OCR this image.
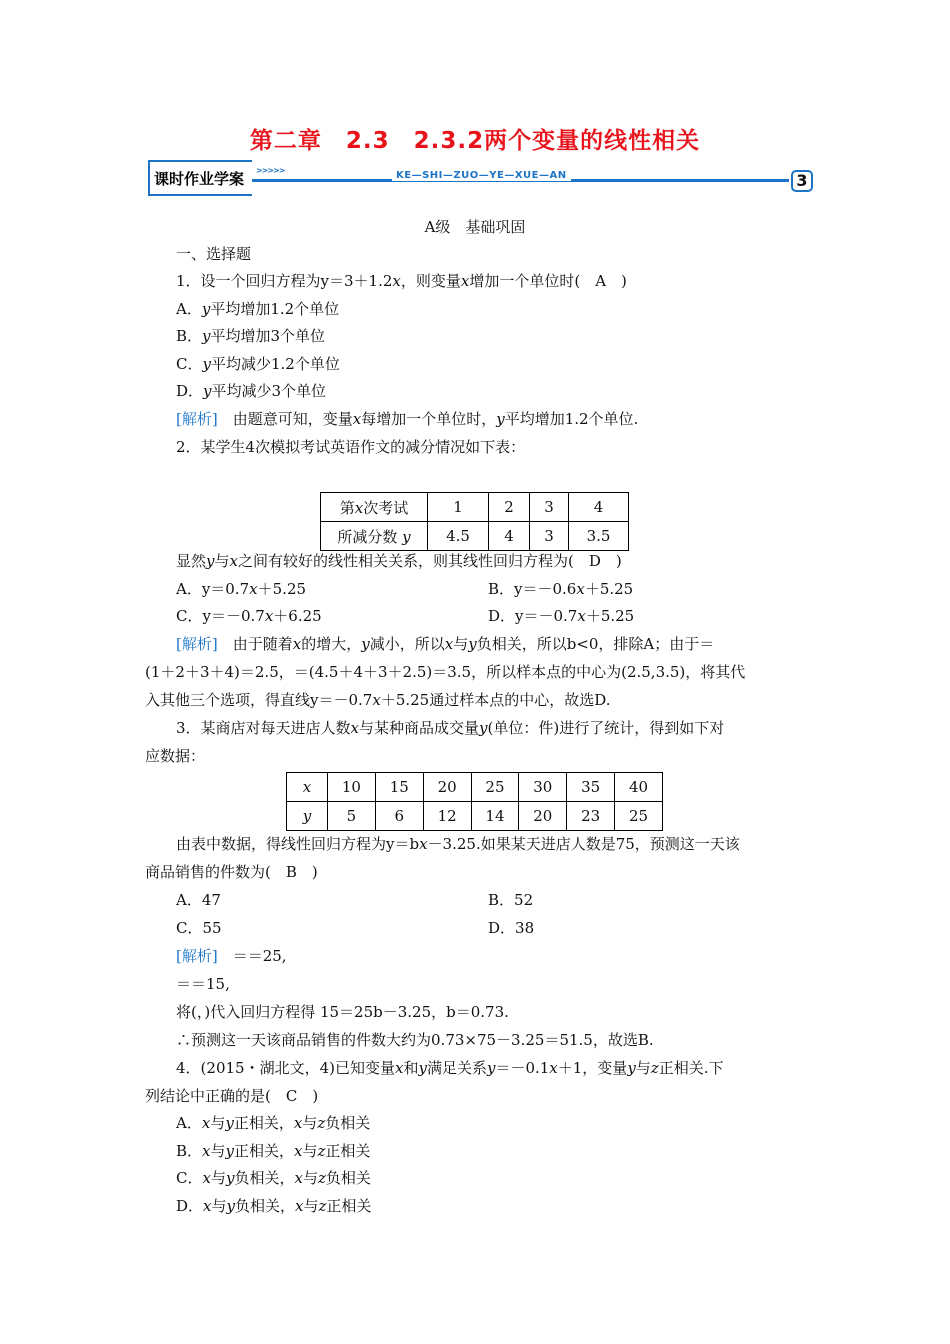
第二章　2.3　2.3.2两个变量的线性相关
课时作业学案	>>>>>	KE—SHI—ZUO—YE—XUE—AN	3
A级　基础巩固
一、选择题
1．设一个回归方程为y＝3＋1.2x，则变量x增加一个单位时(　A　)
A．y平均增加1.2个单位
B．y平均增加3个单位
C．y平均减少1.2个单位
D．y平均减少3个单位
[解析]　由题意可知，变量x每增加一个单位时，y平均增加1.2个单位.
2．某学生4次模拟考试英语作文的减分情况如下表：
第x次考试	1	2	3	4
所减分数 y	4.5	4	3	3.5
显然y与x之间有较好的线性相关关系，则其线性回归方程为(　D　)
A．y＝0.7x＋5.25	B．y＝－0.6x＋5.25
C．y＝－0.7x＋6.25	D．y＝－0.7x＋5.25
[解析]　由于随着x的增大，y减小，所以x与y负相关，所以b<0，排除A；由于＝
(1＋2＋3＋4)＝2.5，＝(4.5＋4＋3＋2.5)＝3.5，所以样本点的中心为(2.5,3.5)，将其代
入其他三个选项，得直线y＝－0.7x＋5.25通过样本点的中心，故选D.
3．某商店对每天进店人数x与某种商品成交量y(单位：件)进行了统计，得到如下对
应数据：
x	10	15	20	25	30	35	40
y	5	6	12	14	20	23	25
由表中数据，得线性回归方程为y＝bx－3.25.如果某天进店人数是75，预测这一天该
商品销售的件数为(　B　)
A．47	B．52
C．55	D．38
[解析]　＝＝25,
＝＝15,
将(，)代入回归方程得 15＝25b－3.25，b＝0.73.
∴预测这一天该商品销售的件数大约为0.73×75－3.25＝51.5，故选B.
4．(2015・湖北文，4)已知变量x和y满足关系y＝－0.1x＋1，变量y与z正相关.下
列结论中正确的是(　C　)
A．x与y正相关，x与z负相关
B．x与y正相关，x与z正相关
C．x与y负相关，x与z负相关
D．x与y负相关，x与z正相关
